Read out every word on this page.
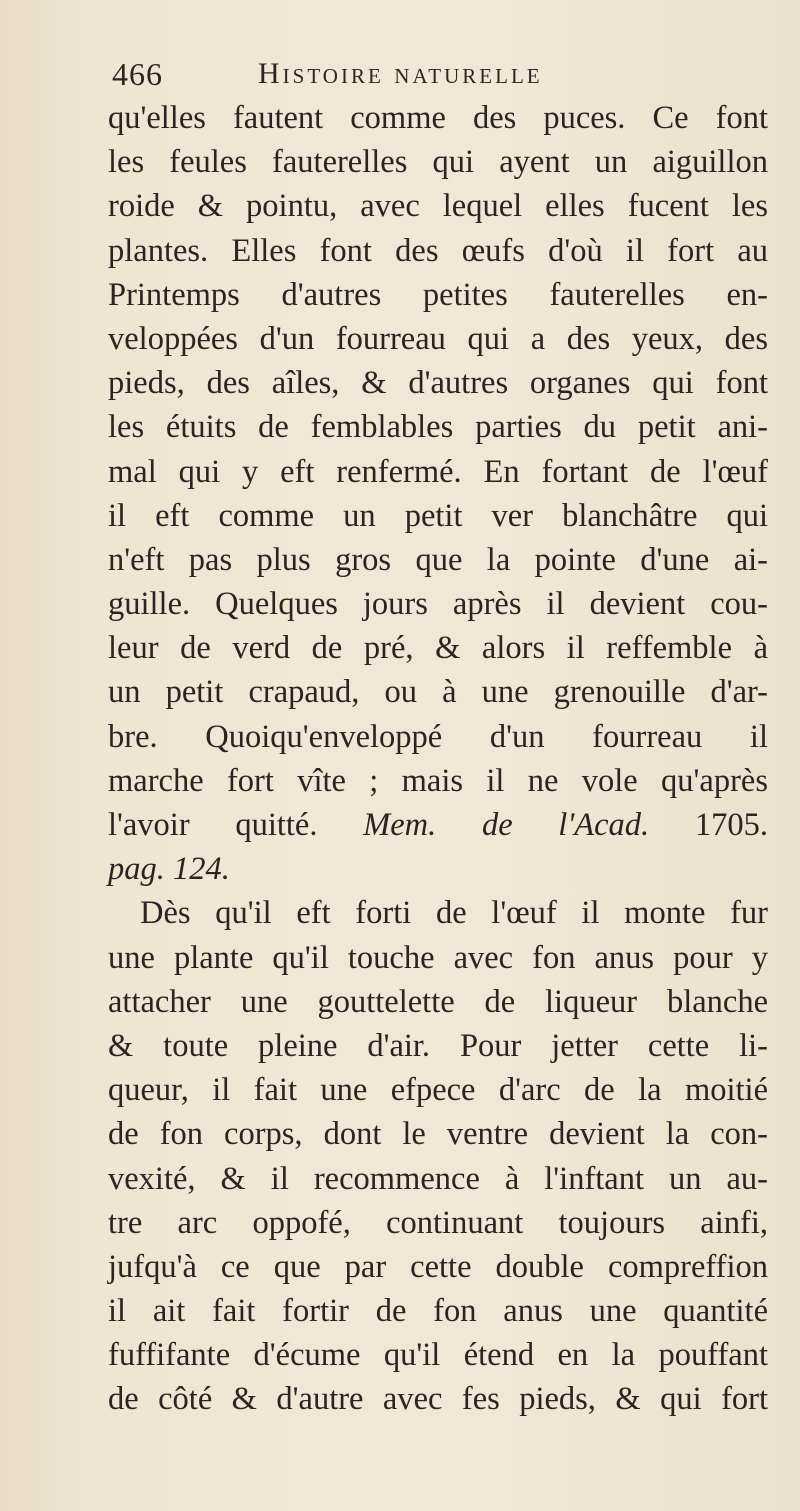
466	Histoire naturelle
qu'elles fautent comme des puces. Ce font
les feules fauterelles qui ayent un aiguillon
roide & pointu, avec lequel elles fucent les
plantes. Elles font des œufs d'où il fort au
Printemps d'autres petites fauterelles en-
veloppées d'un fourreau qui a des yeux, des
pieds, des aîles, & d'autres organes qui font
les étuits de femblables parties du petit ani-
mal qui y eft renfermé. En fortant de l'œuf
il eft comme un petit ver blanchâtre qui
n'eft pas plus gros que la pointe d'une ai-
guille. Quelques jours après il devient cou-
leur de verd de pré, & alors il reffemble à
un petit crapaud, ou à une grenouille d'ar-
bre. Quoiqu'enveloppé d'un fourreau il
marche fort vîte ; mais il ne vole qu'après
l'avoir quitté. Mem. de l'Acad. 1705.
pag. 124.
Dès qu'il eft forti de l'œuf il monte fur
une plante qu'il touche avec fon anus pour y
attacher une gouttelette de liqueur blanche
& toute pleine d'air. Pour jetter cette li-
queur, il fait une efpece d'arc de la moitié
de fon corps, dont le ventre devient la con-
vexité, & il recommence à l'inftant un au-
tre arc oppofé, continuant toujours ainfi,
jufqu'à ce que par cette double compreffion
il ait fait fortir de fon anus une quantité
fuffifante d'écume qu'il étend en la pouffant
de côté & d'autre avec fes pieds, & qui fort
